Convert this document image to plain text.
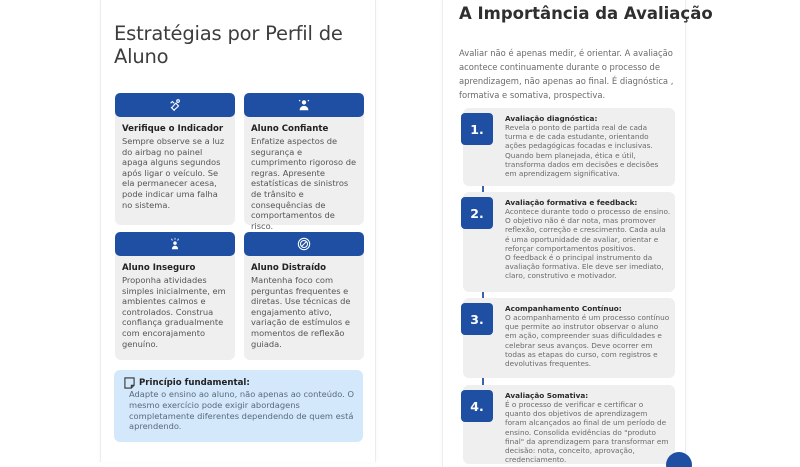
Estratégias por Perfil de Aluno
Verifique o Indicador
Sempre observe se a luz do airbag no painel apaga alguns segundos após ligar o veículo. Se ela permanecer acesa, pode indicar uma falha no sistema.
Aluno Confiante
Enfatize aspectos de segurança e cumprimento rigoroso de regras. Apresente estatísticas de sinistros de trânsito e consequências de comportamentos de risco.
Aluno Inseguro
Proponha atividades simples inicialmente, em ambientes calmos e controlados. Construa confiança gradualmente com encorajamento genuíno.
Aluno Distraído
Mantenha foco com perguntas frequentes e diretas. Use técnicas de engajamento ativo, variação de estímulos e momentos de reflexão guiada.
Princípio fundamental:
Adapte o ensino ao aluno, não apenas ao conteúdo. O mesmo exercício pode exigir abordagens completamente diferentes dependendo de quem está aprendendo.
A Importância da Avaliação

Avaliar não é apenas medir, é orientar. A avaliação acontece continuamente durante o processo de aprendizagem, não apenas ao final. É diagnóstica , formativa e somativa, prospectiva.

1.
Avaliação diagnóstica:
Revela o ponto de partida real de cada turma e de cada estudante, orientando ações pedagógicas focadas e inclusivas. Quando bem planejada, ética e útil, transforma dados em decisões e decisões em aprendizagem significativa.
2.
Avaliação formativa e feedback:
Acontece durante todo o processo de ensino. O objetivo não é dar nota, mas promover reflexão, correção e crescimento. Cada aula é uma oportunidade de avaliar, orientar e reforçar comportamentos positivos.
O feedback é o principal instrumento da avaliação formativa. Ele deve ser imediato, claro, construtivo e motivador.
3.
Acompanhamento Contínuo:
O acompanhamento é um processo contínuo que permite ao instrutor observar o aluno em ação, compreender suas dificuldades e celebrar seus avanços. Deve ocorrer em todas as etapas do curso, com registros e devolutivas frequentes.
4.
Avaliação Somativa:
É o processo de verificar e certificar o quanto dos objetivos de aprendizagem foram alcançados ao final de um período de ensino. Consolida evidências do "produto final" da aprendizagem para transformar em decisão: nota, conceito, aprovação, credenciamento.
